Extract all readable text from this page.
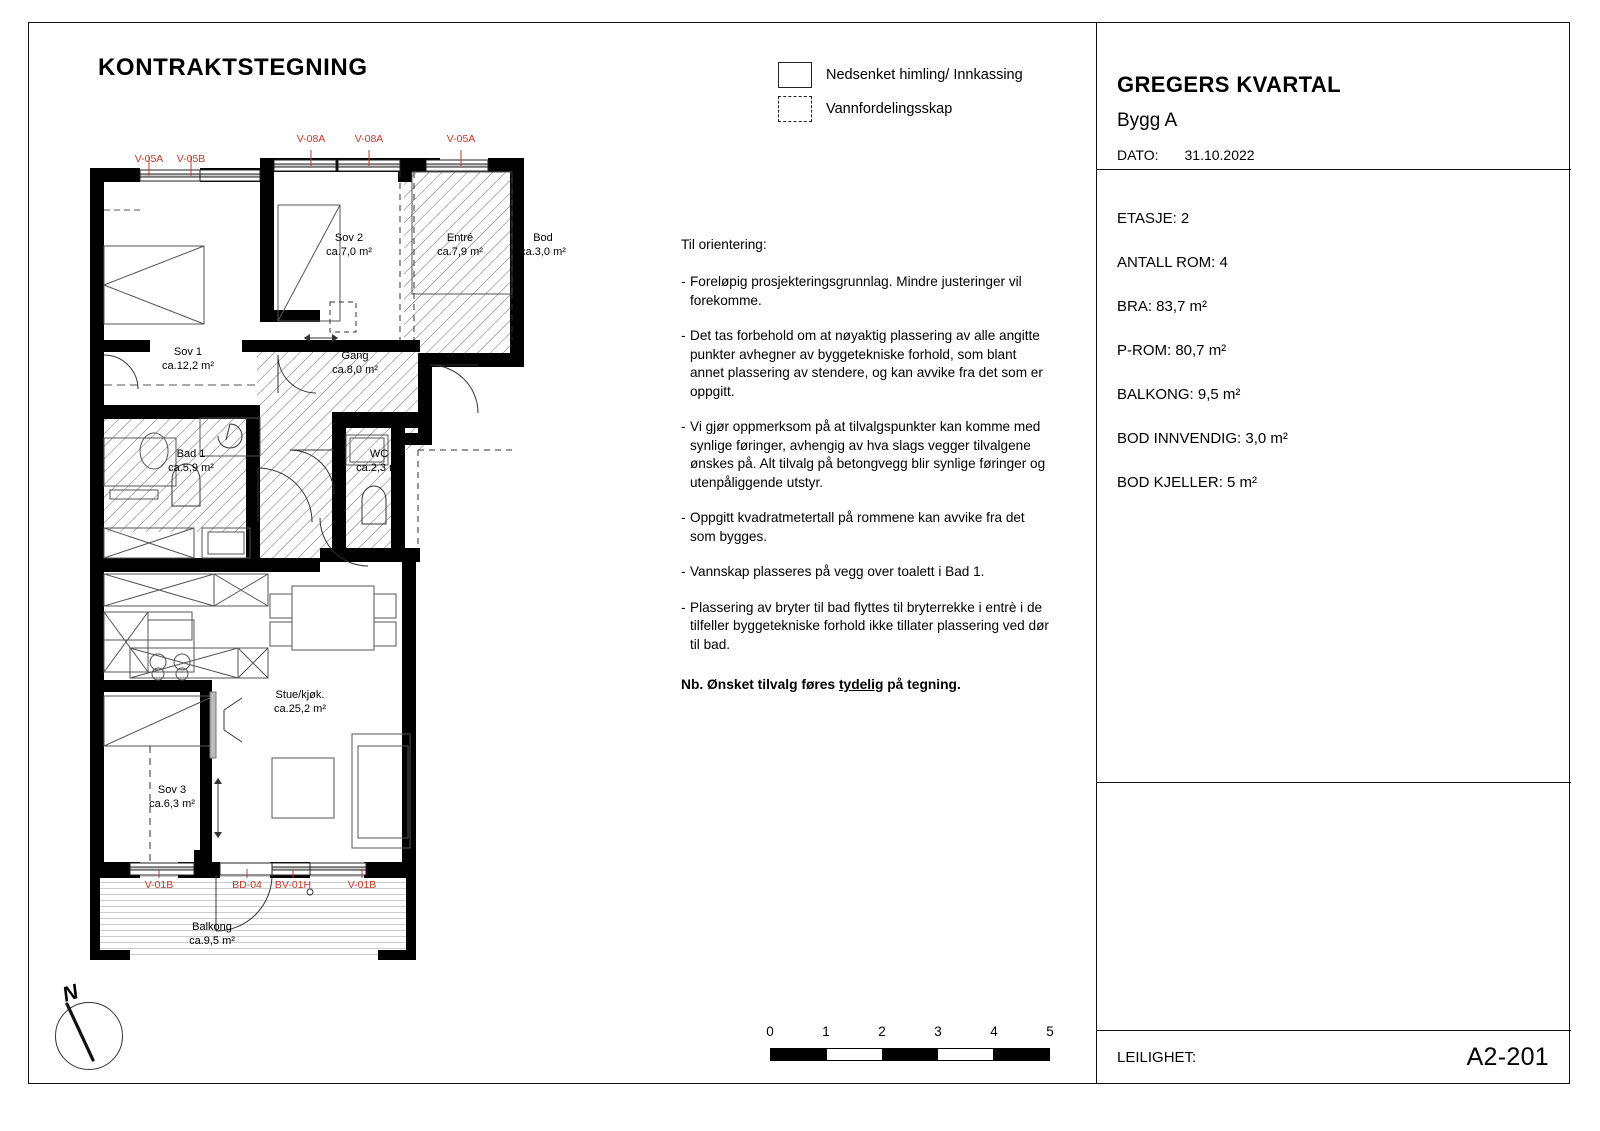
KONTRAKTSTEGNING	Nedsenket himling/ Innkassing
Vannfordelingsskap
Til orientering:
- Foreløpig prosjekteringsgrunnlag. Mindre justeringer vil forekomme.
- Det tas forbehold om at nøyaktig plassering av alle angitte punkter avhegner av byggetekniske forhold, som blant annet plassering av stendere, og kan avvike fra det som er oppgitt.
- Vi gjør oppmerksom på at tilvalgspunkter kan komme med synlige føringer, avhengig av hva slags vegger tilvalgene ønskes på. Alt tilvalg på betongvegg blir synlige føringer og utenpåliggende utstyr.
- Oppgitt kvadratmetertall på rommene kan avvike fra det som bygges.
- Vannskap plasseres på vegg over toalett i Bad 1.
- Plassering av bryter til bad flyttes til bryterrekke i entrè i de tilfeller byggetekniske forhold ikke tillater plassering ved dør til bad.
Nb. Ønsket tilvalg føres tydelig på tegning.
GREGERS KVARTAL
Bygg A
DATO: 31.10.2022
ETASJE: 2
ANTALL ROM: 4
BRA: 83,7 m²
P-ROM: 80,7 m²
BALKONG: 9,5 m²
BOD INNVENDIG: 3,0 m²
BOD KJELLER: 5 m²
LEILIGHET:	A2-201
0	1	2	3	4	5
N
Sov 1
ca.12,2 m²
Sov 2
ca.7,0 m²
Entré
ca.7,9 m²
Bod
ca.3,0 m²
Gang
ca.8,0 m²
Bad 1
ca.5,9 m²
WC
ca.2,3 m²
Stue/kjøk.
ca.25,2 m²
Sov 3
ca.6,3 m²
Balkong
ca.9,5 m²
V-05A V-05B
V-08A	V-08A	V-05A
V-01B	BD-04 BV-01H	V-01B
